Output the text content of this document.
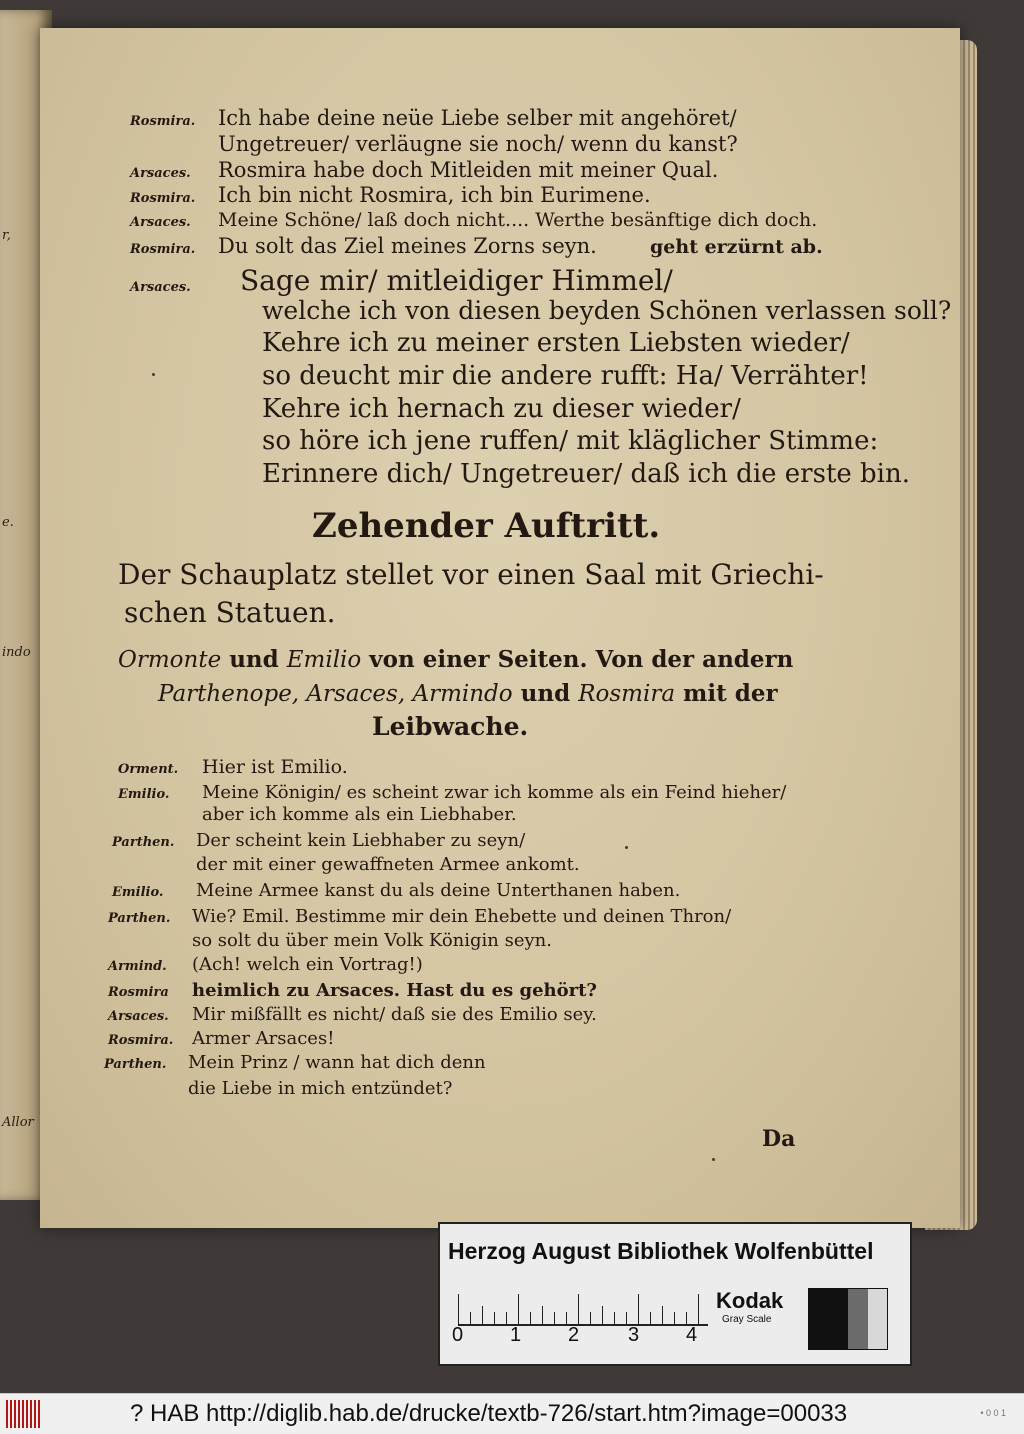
r,
e.
indo
Allor
Rosmira. Ich habe deine neüe Liebe selber mit angehöret/
Ungetreuer/ verläugne sie noch/ wenn du kanst?
Arsaces. Rosmira habe doch Mitleiden mit meiner Qual.
Rosmira. Ich bin nicht Rosmira, ich bin Eurimene.
Arsaces. Meine Schöne/ laß doch nicht.... Werthe besänftige dich doch.
Rosmira. Du solt das Ziel meines Zorns seyn.	geht erzürnt ab.
Arsaces. Sage mir/ mitleidiger Himmel/
welche ich von diesen beyden Schönen verlassen soll?
Kehre ich zu meiner ersten Liebsten wieder/
so deucht mir die andere rufft: Ha/ Verrähter!
Kehre ich hernach zu dieser wieder/
so höre ich jene ruffen/ mit kläglicher Stimme:
Erinnere dich/ Ungetreuer/ daß ich die erste bin.
Zehender Auftritt.
Der Schauplatz stellet vor einen Saal mit Griechi-
schen Statuen.
Ormonte und Emilio von einer Seiten. Von der andern
Parthenope, Arsaces, Armindo und Rosmira mit der
Leibwache.
Orment. Hier ist Emilio.
Emilio. Meine Königin/ es scheint zwar ich komme als ein Feind hieher/
aber ich komme als ein Liebhaber.
Parthen. Der scheint kein Liebhaber zu seyn/
der mit einer gewaffneten Armee ankomt.
Emilio. Meine Armee kanst du als deine Unterthanen haben.
Parthen. Wie? Emil. Bestimme mir dein Ehebette und deinen Thron/
so solt du über mein Volk Königin seyn.
Armind. (Ach! welch ein Vortrag!)
Rosmira heimlich zu Arsaces. Hast du es gehört?
Arsaces. Mir mißfällt es nicht/ daß sie des Emilio sey.
Rosmira. Armer Arsaces!
Parthen. Mein Prinz / wann hat dich denn
die Liebe in mich entzündet?
Da
Herzog August Bibliothek Wolfenbüttel
0 1 2 3 4
Kodak
Gray Scale
? HAB http://diglib.hab.de/drucke/textb-726/start.htm?image=00033	• 0 0 1
